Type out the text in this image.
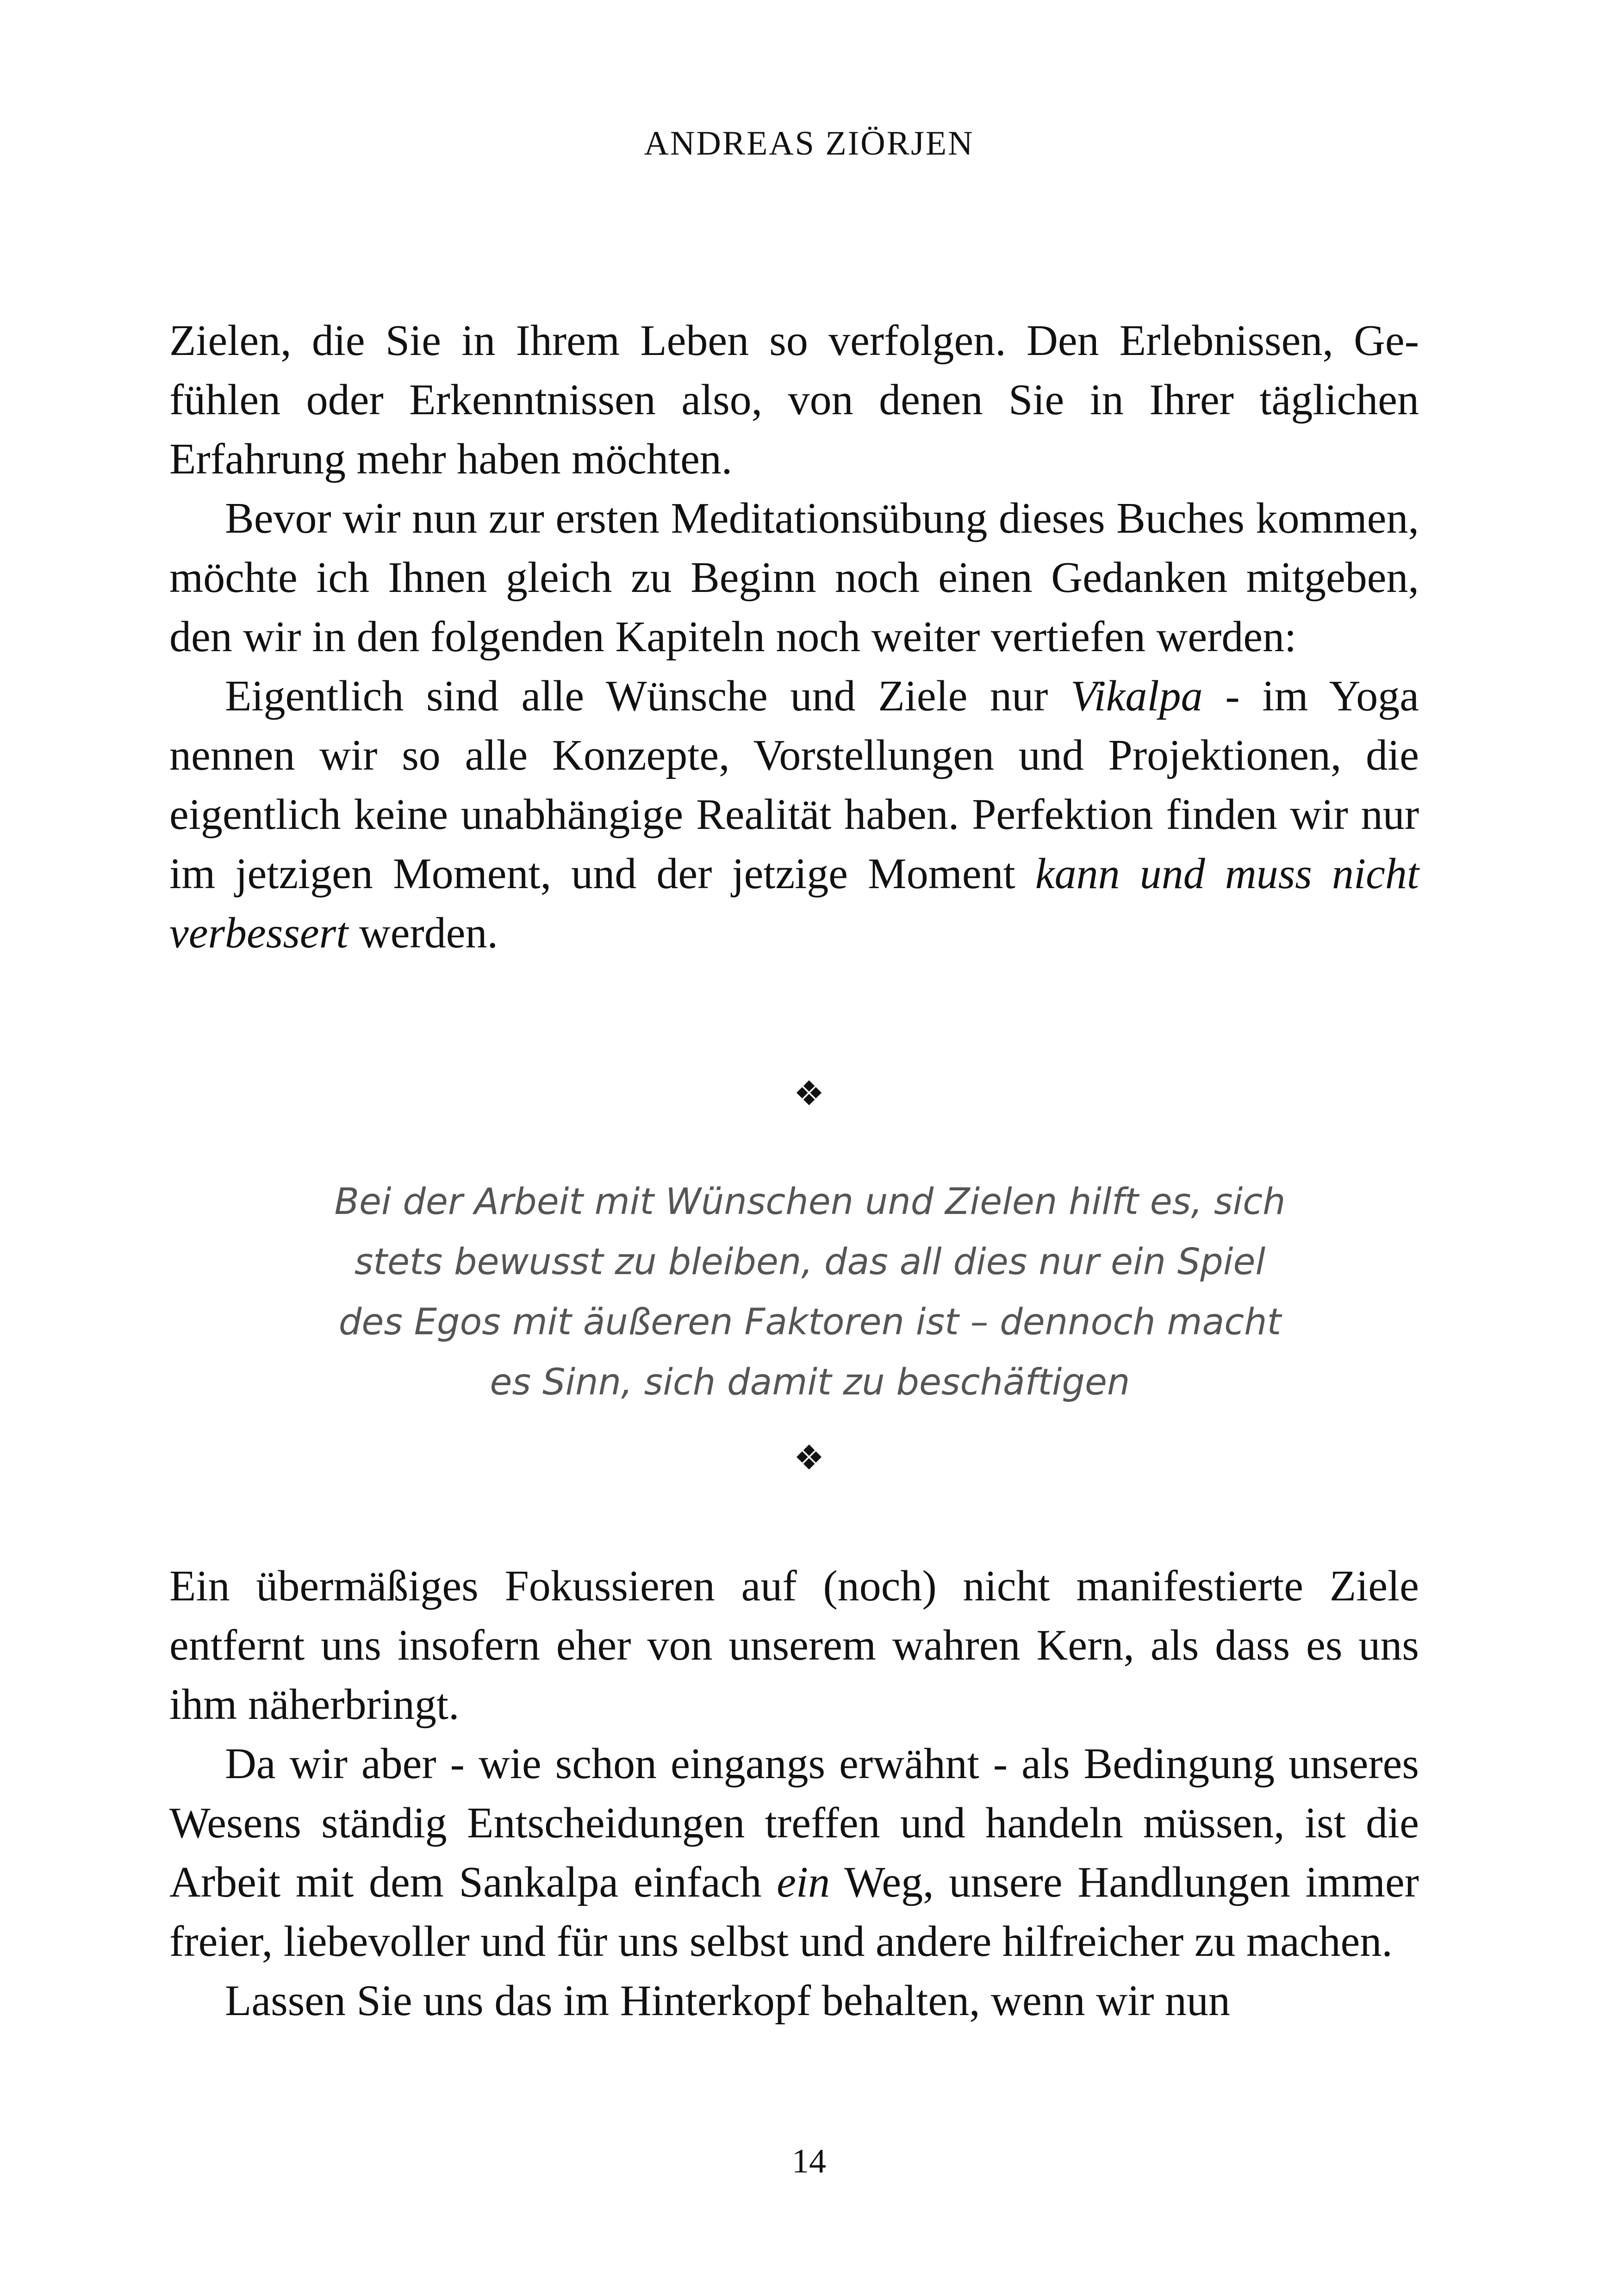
ANDREAS ZIÖRJEN

Zielen, die Sie in Ihrem Leben so verfolgen. Den Erlebnissen, Gefühlen oder Erkenntnissen also, von denen Sie in Ihrer täglichen Erfahrung mehr haben möchten.

Bevor wir nun zur ersten Meditationsübung dieses Buches kommen, möchte ich Ihnen gleich zu Beginn noch einen Gedanken mitgeben, den wir in den folgenden Kapiteln noch weiter vertiefen werden:

Eigentlich sind alle Wünsche und Ziele nur Vikalpa - im Yoga nennen wir so alle Konzepte, Vorstellungen und Projektionen, die eigentlich keine unabhängige Realität haben. Perfektion finden wir nur im jetzigen Moment, und der jetzige Moment kann und muss nicht verbessert werden.

❖
Bei der Arbeit mit Wünschen und Zielen hilft es, sich
stets bewusst zu bleiben, das all dies nur ein Spiel
des Egos mit äußeren Faktoren ist – dennoch macht
es Sinn, sich damit zu beschäftigen
❖

Ein übermäßiges Fokussieren auf (noch) nicht manifestierte Ziele entfernt uns insofern eher von unserem wahren Kern, als dass es uns ihm näherbringt.

Da wir aber - wie schon eingangs erwähnt - als Bedingung unseres Wesens ständig Entscheidungen treffen und handeln müssen, ist die Arbeit mit dem Sankalpa einfach ein Weg, unsere Handlungen immer freier, liebevoller und für uns selbst und andere hilfreicher zu machen.

Lassen Sie uns das im Hinterkopf behalten, wenn wir nun

14
